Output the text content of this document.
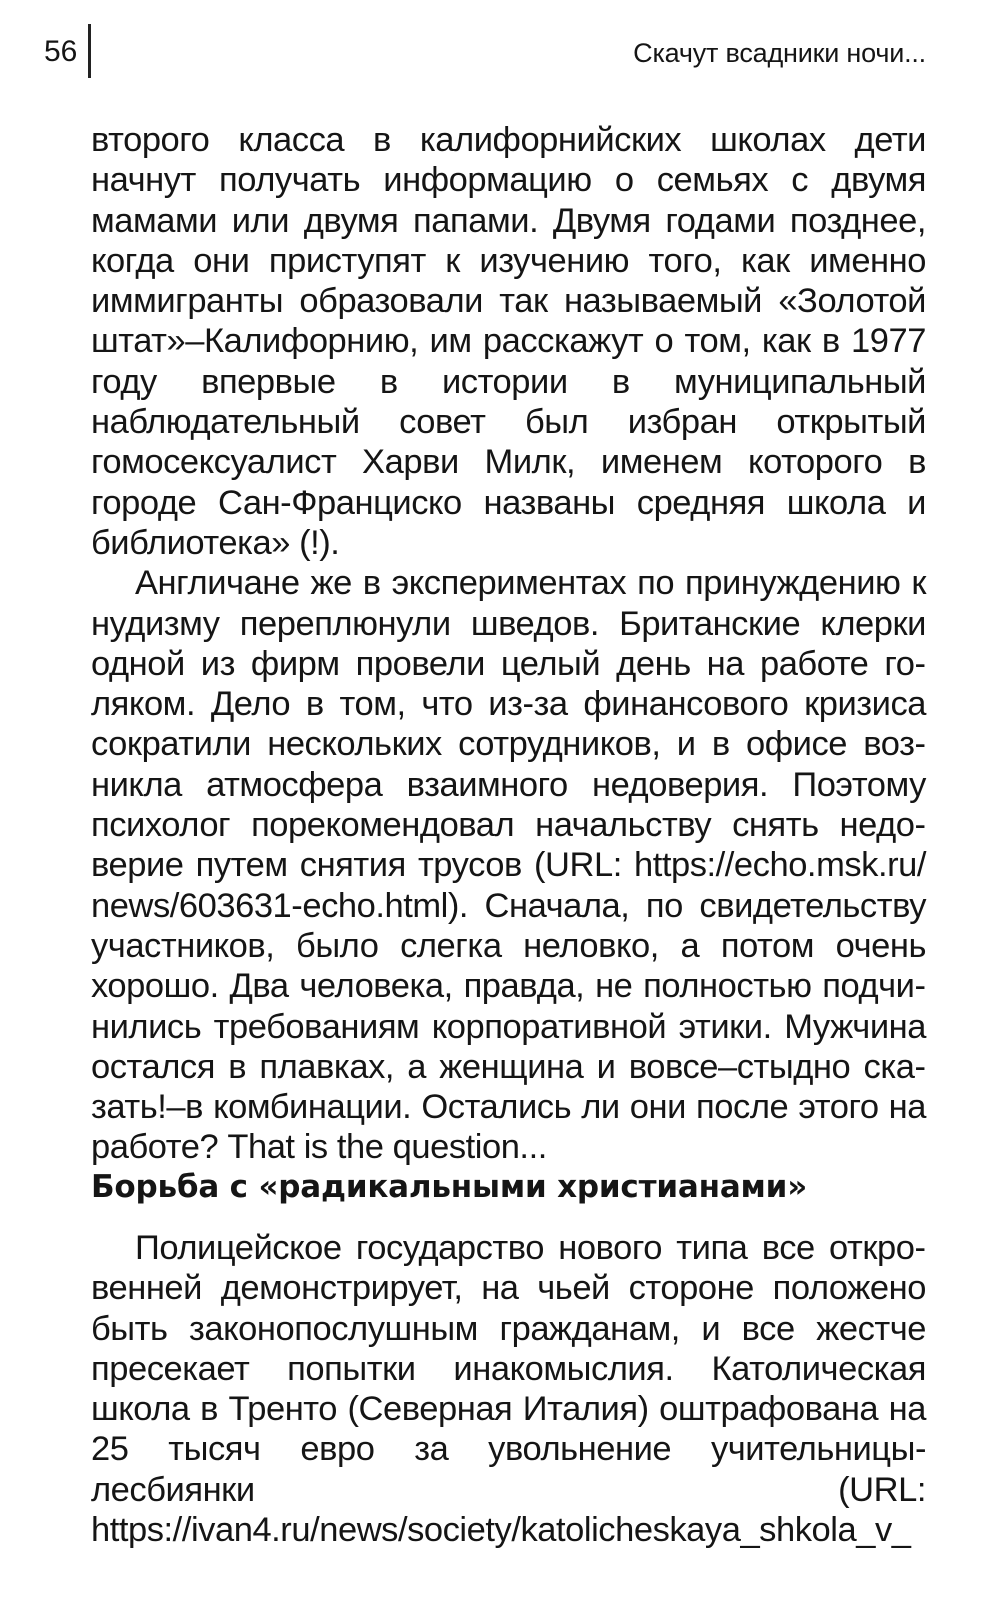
56	Скачут всадники ночи...

второго класса в калифорнийских школах дети начнут получать информацию о семьях с двумя мамами или двумя папами. Двумя годами позднее, когда они приступят к изучению того, как именно иммигранты образовали так называемый «Золотой штат»–Калифорнию, им расскажут о том, как в 1977 году впервые в истории в муниципальный наблюдательный совет был избран открытый гомосексуалист Харви Милк, именем которого в городе Сан-Франциско названы средняя школа и библиотека» (!).

Англичане же в экспериментах по принуждению к нудизму переплюнули шведов. Британские клерки одной из фирм провели целый день на работе голяком. Дело в том, что из-за финансового кризиса сократили нескольких сотрудников, и в офисе возникла атмосфера взаимного недоверия. Поэтому психолог порекомендовал начальству снять недоверие путем снятия трусов (URL: https://echo.msk.ru/​news/603631-echo.html). Сначала, по свидетельству участников, было слегка неловко, а потом очень хорошо. Два человека, правда, не полностью подчинились требованиям корпоративной этики. Мужчина остался в плавках, а женщина и вовсе–стыдно сказать!–в комбинации. Остались ли они после этого на работе? That is the question...

Борьба с «радикальными христианами»

Полицейское государство нового типа все откровенней демонстрирует, на чьей стороне положено быть законопослушным гражданам, и все жестче пресекает попытки инакомыслия. Католическая школа в Тренто (Северная Италия) оштрафована на 25 тысяч евро за увольнение учительницы-лесбиянки (URL: https://ivan4.ru/news/society/katolicheskaya_shkola_v_
